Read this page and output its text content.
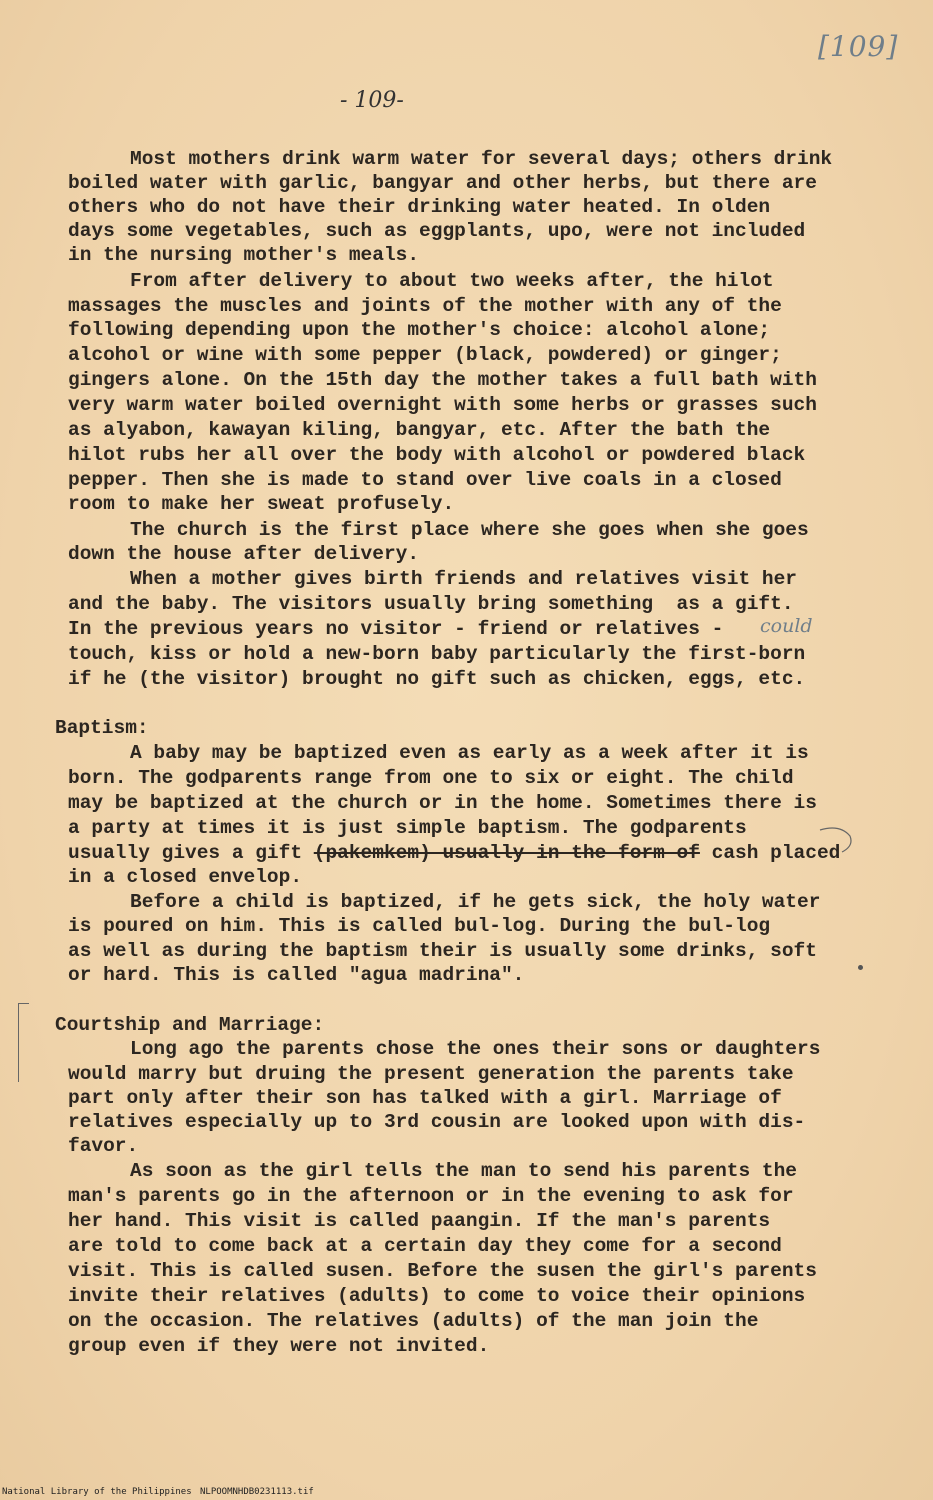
[109]
- 109-
Most mothers drink warm water for several days; others drink
boiled water with garlic, bangyar and other herbs, but there are
others who do not have their drinking water heated. In olden
days some vegetables, such as eggplants, upo, were not included
in the nursing mother's meals.
From after delivery to about two weeks after, the hilot
massages the muscles and joints of the mother with any of the
following depending upon the mother's choice: alcohol alone;
alcohol or wine with some pepper (black, powdered) or ginger;
gingers alone. On the 15th day the mother takes a full bath with
very warm water boiled overnight with some herbs or grasses such
as alyabon, kawayan kiling, bangyar, etc. After the bath the
hilot rubs her all over the body with alcohol or powdered black
pepper. Then she is made to stand over live coals in a closed
room to make her sweat profusely.
The church is the first place where she goes when she goes
down the house after delivery.
When a mother gives birth friends and relatives visit her
and the baby. The visitors usually bring something  as a gift.
In the previous years no visitor - friend or relatives - could
touch, kiss or hold a new-born baby particularly the first-born
if he (the visitor) brought no gift such as chicken, eggs, etc.
Baptism:
A baby may be baptized even as early as a week after it is
born. The godparents range from one to six or eight. The child
may be baptized at the church or in the home. Sometimes there is
a party at times it is just simple baptism. The godparents
usually gives a gift (pakemkem) usually in the form of cash placed
in a closed envelop.
Before a child is baptized, if he gets sick, the holy water
is poured on him. This is called bul-log. During the bul-log
as well as during the baptism their is usually some drinks, soft
or hard. This is called "agua madrina".
Courtship and Marriage:
Long ago the parents chose the ones their sons or daughters
would marry but druing the present generation the parents take
part only after their son has talked with a girl. Marriage of
relatives especially up to 3rd cousin are looked upon with dis-
favor.
As soon as the girl tells the man to send his parents the
man's parents go in the afternoon or in the evening to ask for
her hand. This visit is called paangin. If the man's parents
are told to come back at a certain day they come for a second
visit. This is called susen. Before the susen the girl's parents
invite their relatives (adults) to come to voice their opinions
on the occasion. The relatives (adults) of the man join the
group even if they were not invited.
National Library of the Philippines NLPOOMNHDB0231113.tif
